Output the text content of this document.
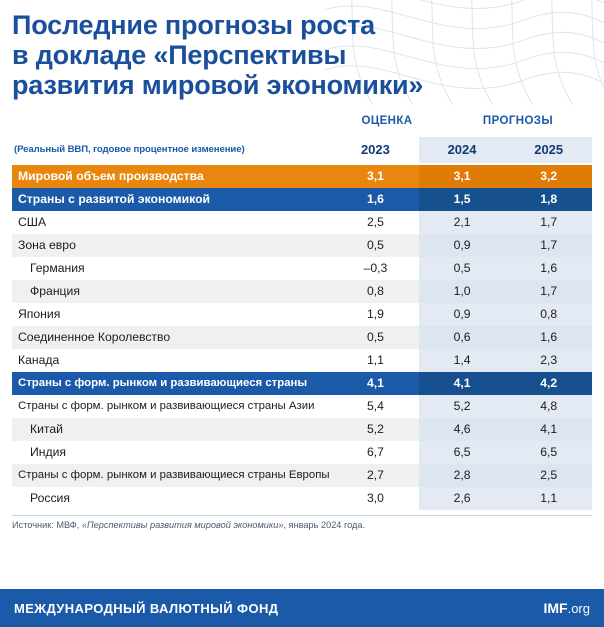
Последние прогнозы роста
в докладе «Перспективы
развития мировой экономики»
ОЦЕНКА	ПРОГНОЗЫ
(Реальный ВВП, годовое процентное изменение)	2023	2024	2025
Мировой объем производства	3,1	3,1	3,2
Страны с развитой экономикой	1,6	1,5	1,8
США	2,5	2,1	1,7
Зона евро	0,5	0,9	1,7
Германия	–0,3	0,5	1,6
Франция	0,8	1,0	1,7
Япония	1,9	0,9	0,8
Соединенное Королевство	0,5	0,6	1,6
Канада	1,1	1,4	2,3
Страны с форм. рынком и развивающиеся страны	4,1	4,1	4,2
Страны с форм. рынком и развивающиеся страны Азии	5,4	5,2	4,8
Китай	5,2	4,6	4,1
Индия	6,7	6,5	6,5
Страны с форм. рынком и развивающиеся страны Европы	2,7	2,8	2,5
Россия	3,0	2,6	1,1
Источник: МВФ, «Перспективы развития мировой экономики», январь 2024 года.
МЕЖДУНАРОДНЫЙ ВАЛЮТНЫЙ ФОНД	IMF.org
